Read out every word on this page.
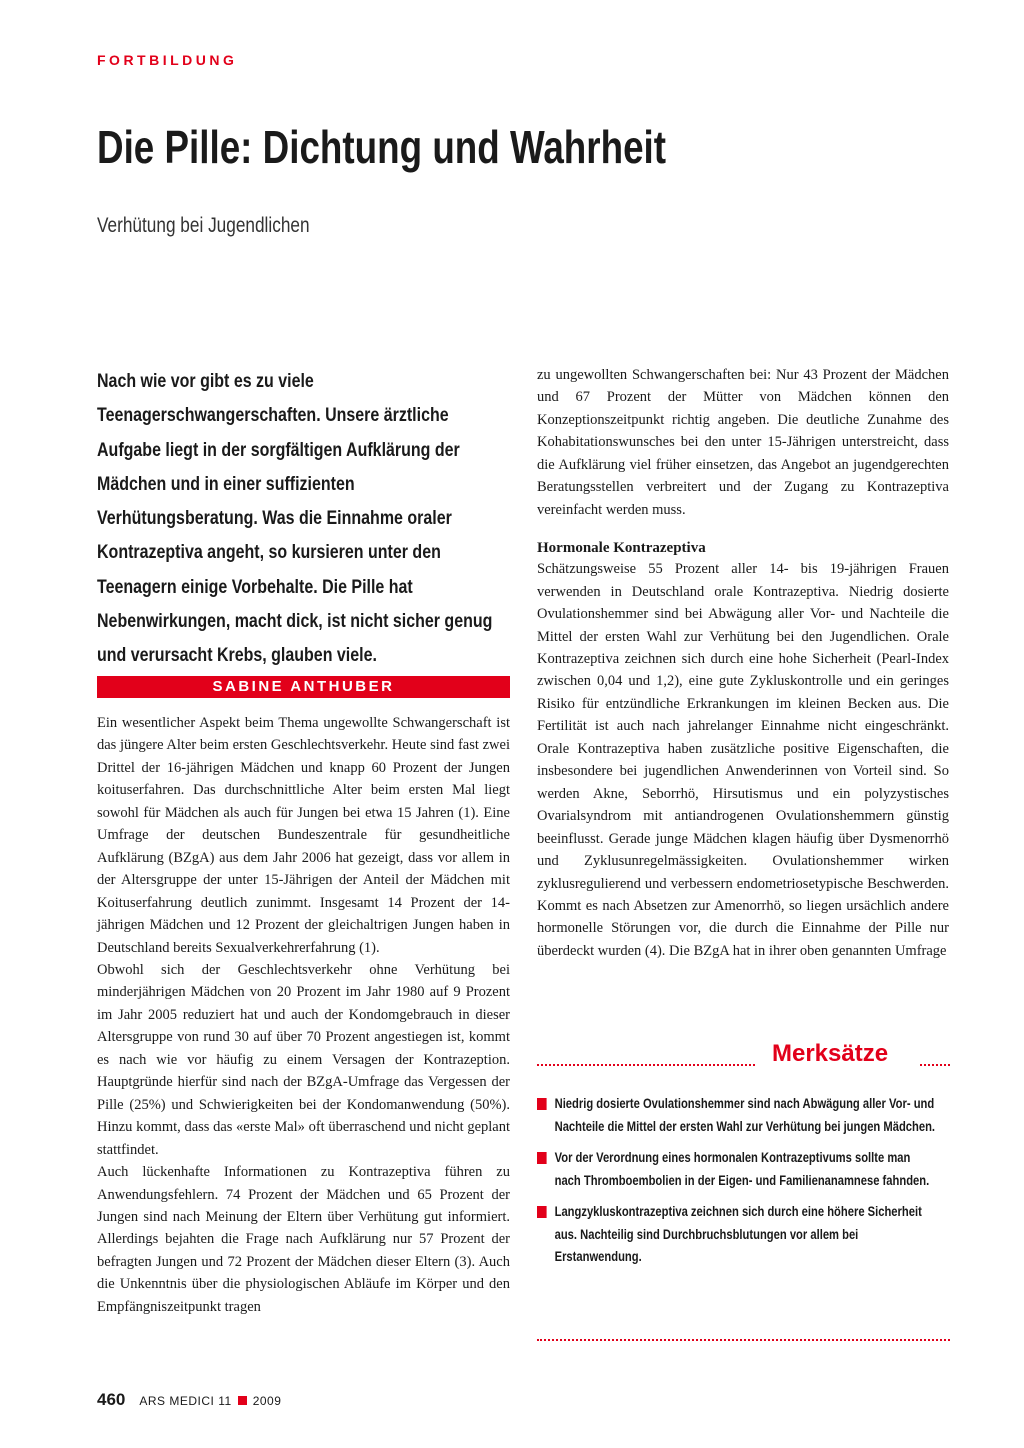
FORTBILDUNG
Die Pille: Dichtung und Wahrheit
Verhütung bei Jugendlichen
Nach wie vor gibt es zu viele Teenagerschwangerschaften. Unsere ärztliche Aufgabe liegt in der sorgfältigen Aufklärung der Mädchen und in einer suffizienten Verhütungsberatung. Was die Einnahme oraler Kontrazeptiva angeht, so kursieren unter den Teenagern einige Vorbehalte. Die Pille hat Nebenwirkungen, macht dick, ist nicht sicher genug und verursacht Krebs, glauben viele.
SABINE ANTHUBER

Ein wesentlicher Aspekt beim Thema ungewollte Schwangerschaft ist das jüngere Alter beim ersten Geschlechtsverkehr. Heute sind fast zwei Drittel der 16-jährigen Mädchen und knapp 60 Prozent der Jungen koituserfahren. Das durchschnittliche Alter beim ersten Mal liegt sowohl für Mädchen als auch für Jungen bei etwa 15 Jahren (1). Eine Umfrage der deutschen Bundeszentrale für gesundheitliche Aufklärung (BZgA) aus dem Jahr 2006 hat gezeigt, dass vor allem in der Altersgruppe der unter 15-Jährigen der Anteil der Mädchen mit Koituserfahrung deutlich zunimmt. Insgesamt 14 Prozent der 14-jährigen Mädchen und 12 Prozent der gleichaltrigen Jungen haben in Deutschland bereits Sexualverkehrerfahrung (1).

Obwohl sich der Geschlechtsverkehr ohne Verhütung bei minderjährigen Mädchen von 20 Prozent im Jahr 1980 auf 9 Prozent im Jahr 2005 reduziert hat und auch der Kondomgebrauch in dieser Altersgruppe von rund 30 auf über 70 Prozent angestiegen ist, kommt es nach wie vor häufig zu einem Versagen der Kontrazeption. Hauptgründe hierfür sind nach der BZgA-Umfrage das Vergessen der Pille (25%) und Schwierigkeiten bei der Kondomanwendung (50%). Hinzu kommt, dass das «erste Mal» oft überraschend und nicht geplant stattfindet.

Auch lückenhafte Informationen zu Kontrazeptiva führen zu Anwendungsfehlern. 74 Prozent der Mädchen und 65 Prozent der Jungen sind nach Meinung der Eltern über Verhütung gut informiert. Allerdings bejahten die Frage nach Aufklärung nur 57 Prozent der befragten Jungen und 72 Prozent der Mädchen dieser Eltern (3). Auch die Unkenntnis über die physiologischen Abläufe im Körper und den Empfängniszeitpunkt tragen

zu ungewollten Schwangerschaften bei: Nur 43 Prozent der Mädchen und 67 Prozent der Mütter von Mädchen können den Konzeptionszeitpunkt richtig angeben. Die deutliche Zunahme des Kohabitationswunsches bei den unter 15-Jährigen unterstreicht, dass die Aufklärung viel früher einsetzen, das Angebot an jugendgerechten Beratungsstellen verbreitert und der Zugang zu Kontrazeptiva vereinfacht werden muss.

Hormonale Kontrazeptiva

Schätzungsweise 55 Prozent aller 14- bis 19-jährigen Frauen verwenden in Deutschland orale Kontrazeptiva. Niedrig dosierte Ovulationshemmer sind bei Abwägung aller Vor- und Nachteile die Mittel der ersten Wahl zur Verhütung bei den Jugendlichen. Orale Kontrazeptiva zeichnen sich durch eine hohe Sicherheit (Pearl-Index zwischen 0,04 und 1,2), eine gute Zykluskontrolle und ein geringes Risiko für entzündliche Erkrankungen im kleinen Becken aus. Die Fertilität ist auch nach jahrelanger Einnahme nicht eingeschränkt. Orale Kontrazeptiva haben zusätzliche positive Eigenschaften, die insbesondere bei jugendlichen Anwenderinnen von Vorteil sind. So werden Akne, Seborrhö, Hirsutismus und ein polyzystisches Ovarialsyndrom mit antiandrogenen Ovulationshemmern günstig beeinflusst. Gerade junge Mädchen klagen häufig über Dysmenorrhö und Zyklusunregelmässigkeiten. Ovulationshemmer wirken zyklusregulierend und verbessern endometriosetypische Beschwerden. Kommt es nach Absetzen zur Amenorrhö, so liegen ursächlich andere hormonelle Störungen vor, die durch die Einnahme der Pille nur überdeckt wurden (4). Die BZgA hat in ihrer oben genannten Umfrage

Merksätze
Niedrig dosierte Ovulationshemmer sind nach Abwägung aller Vor- und Nachteile die Mittel der ersten Wahl zur Verhütung bei jungen Mädchen.
Vor der Verordnung eines hormonalen Kontrazeptivums sollte man nach Thromboembolien in der Eigen- und Familienanamnese fahnden.
Langzykluskontrazeptiva zeichnen sich durch eine höhere Sicherheit aus. Nachteilig sind Durchbruchsblutungen vor allem bei Erstanwendung.
460 ARS MEDICI 11 2009
